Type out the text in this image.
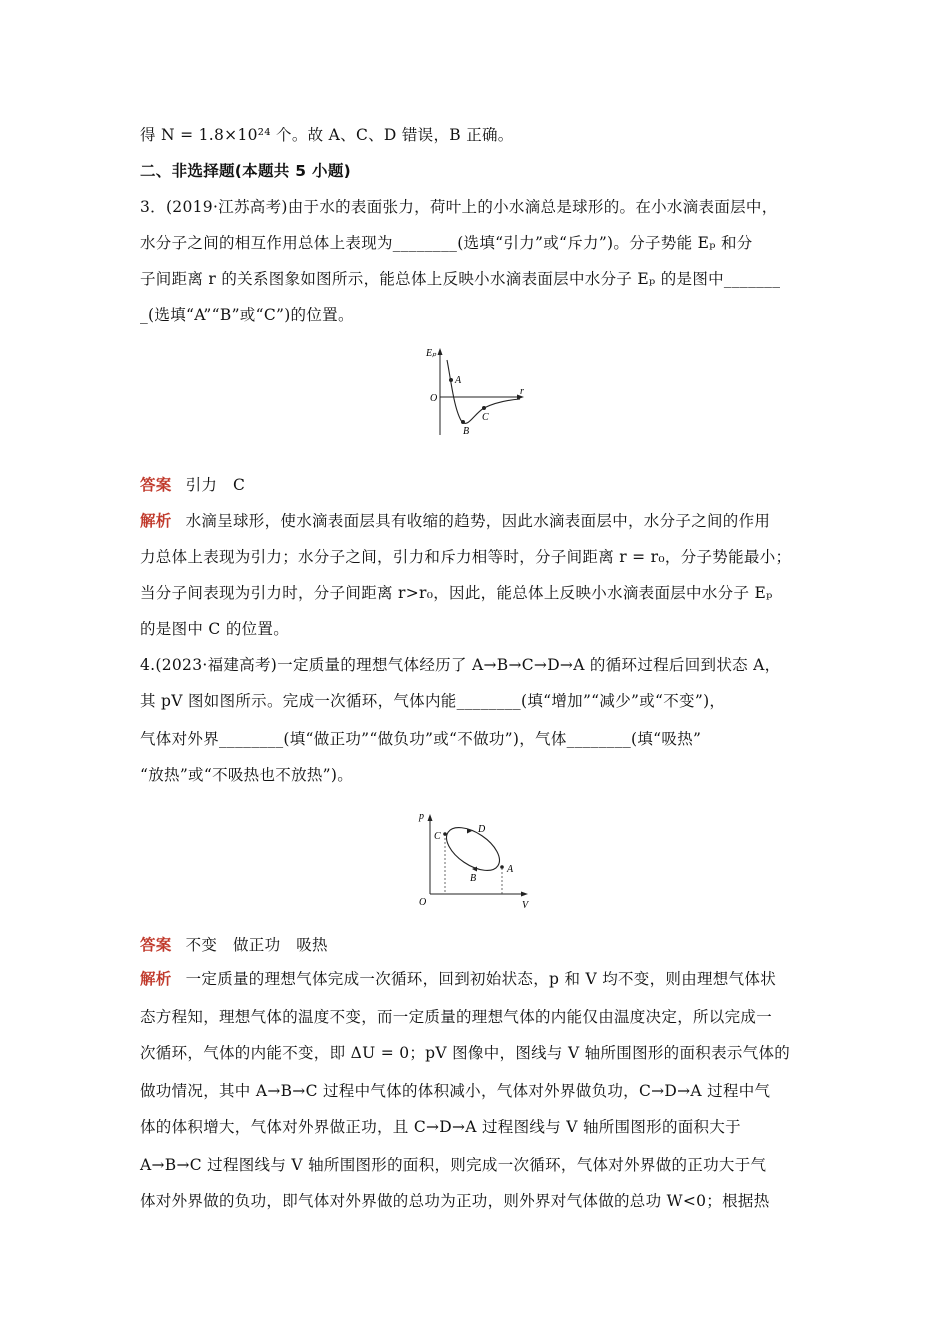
得 N = 1.8×10²⁴ 个。故 A、C、D 错误，B 正确。
二、非选择题(本题共 5 小题)
3．(2019·江苏高考)由于水的表面张力，荷叶上的小水滴总是球形的。在小水滴表面层中，
水分子之间的相互作用总体上表现为________(选填“引力”或“斥力”)。分子势能 Eₚ 和分
子间距离 r 的关系图象如图所示，能总体上反映小水滴表面层中水分子 Eₚ 的是图中_______
_(选填“A”“B”或“C”)的位置。
Eₚ
r
O
A
B
C
答案 引力　C
解析 水滴呈球形，使水滴表面层具有收缩的趋势，因此水滴表面层中，水分子之间的作用
力总体上表现为引力；水分子之间，引力和斥力相等时，分子间距离 r = r₀，分子势能最小；
当分子间表现为引力时，分子间距离 r>r₀，因此，能总体上反映小水滴表面层中水分子 Eₚ
的是图中 C 的位置。
4.(2023·福建高考)一定质量的理想气体经历了 A→B→C→D→A 的循环过程后回到状态 A，
其 pV 图如图所示。完成一次循环，气体内能________(填“增加”“减少”或“不变”)，
气体对外界________(填“做正功”“做负功”或“不做功”)，气体________(填“吸热”
“放热”或“不吸热也不放热”)。
p
V
O
A
B
C
D
答案 不变　做正功　吸热
解析 一定质量的理想气体完成一次循环，回到初始状态，p 和 V 均不变，则由理想气体状
态方程知，理想气体的温度不变，而一定质量的理想气体的内能仅由温度决定，所以完成一
次循环，气体的内能不变，即 ΔU = 0；pV 图像中，图线与 V 轴所围图形的面积表示气体的
做功情况，其中 A→B→C 过程中气体的体积减小，气体对外界做负功，C→D→A 过程中气
体的体积增大，气体对外界做正功，且 C→D→A 过程图线与 V 轴所围图形的面积大于
A→B→C 过程图线与 V 轴所围图形的面积，则完成一次循环，气体对外界做的正功大于气
体对外界做的负功，即气体对外界做的总功为正功，则外界对气体做的总功 W<0；根据热
